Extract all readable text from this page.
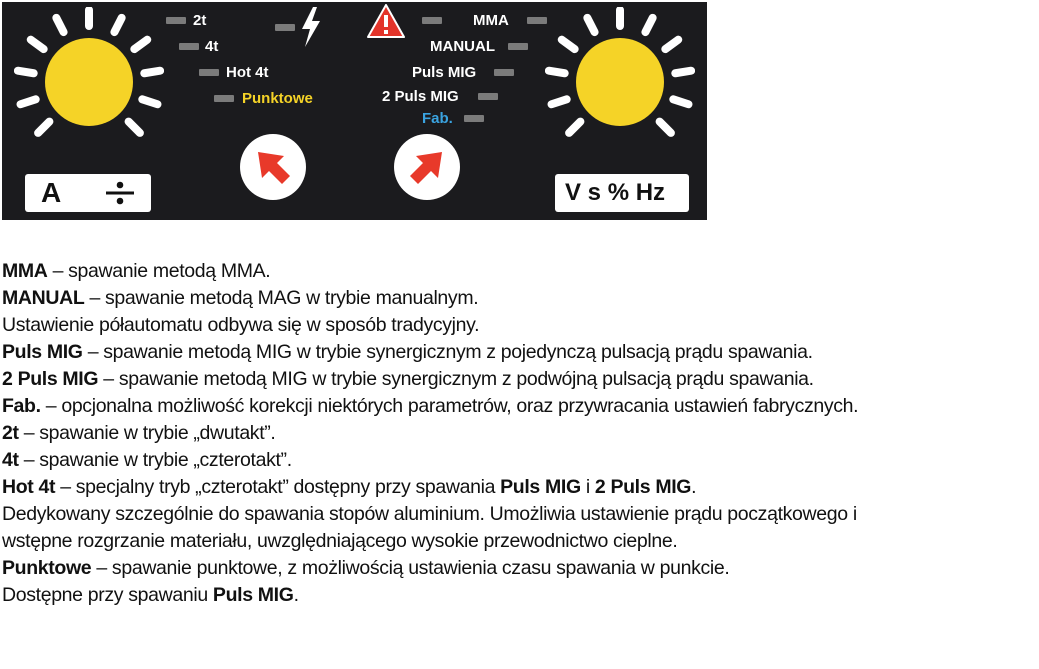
2t
4t
Hot 4t
Punktowe
MMA
MANUAL
Puls MIG
2 Puls MIG
Fab.
A	V s % Hz
MMA – spawanie metodą MMA.
MANUAL – spawanie metodą MAG w trybie manualnym.
Ustawienie półautomatu odbywa się w sposób tradycyjny.
Puls MIG – spawanie metodą MIG w trybie synergicznym z pojedynczą pulsacją prądu spawania.
2 Puls MIG – spawanie metodą MIG w trybie synergicznym z podwójną pulsacją prądu spawania.
Fab. – opcjonalna możliwość korekcji niektórych parametrów, oraz przywracania ustawień fabrycznych.
2t – spawanie w trybie „dwutakt”.
4t – spawanie w trybie „czterotakt”.
Hot 4t – specjalny tryb „czterotakt” dostępny przy spawania Puls MIG i 2 Puls MIG.
Dedykowany szczególnie do spawania stopów aluminium. Umożliwia ustawienie prądu początkowego i
wstępne rozgrzanie materiału, uwzględniającego wysokie przewodnictwo cieplne.
Punktowe – spawanie punktowe, z możliwością ustawienia czasu spawania w punkcie.
Dostępne przy spawaniu Puls MIG.
